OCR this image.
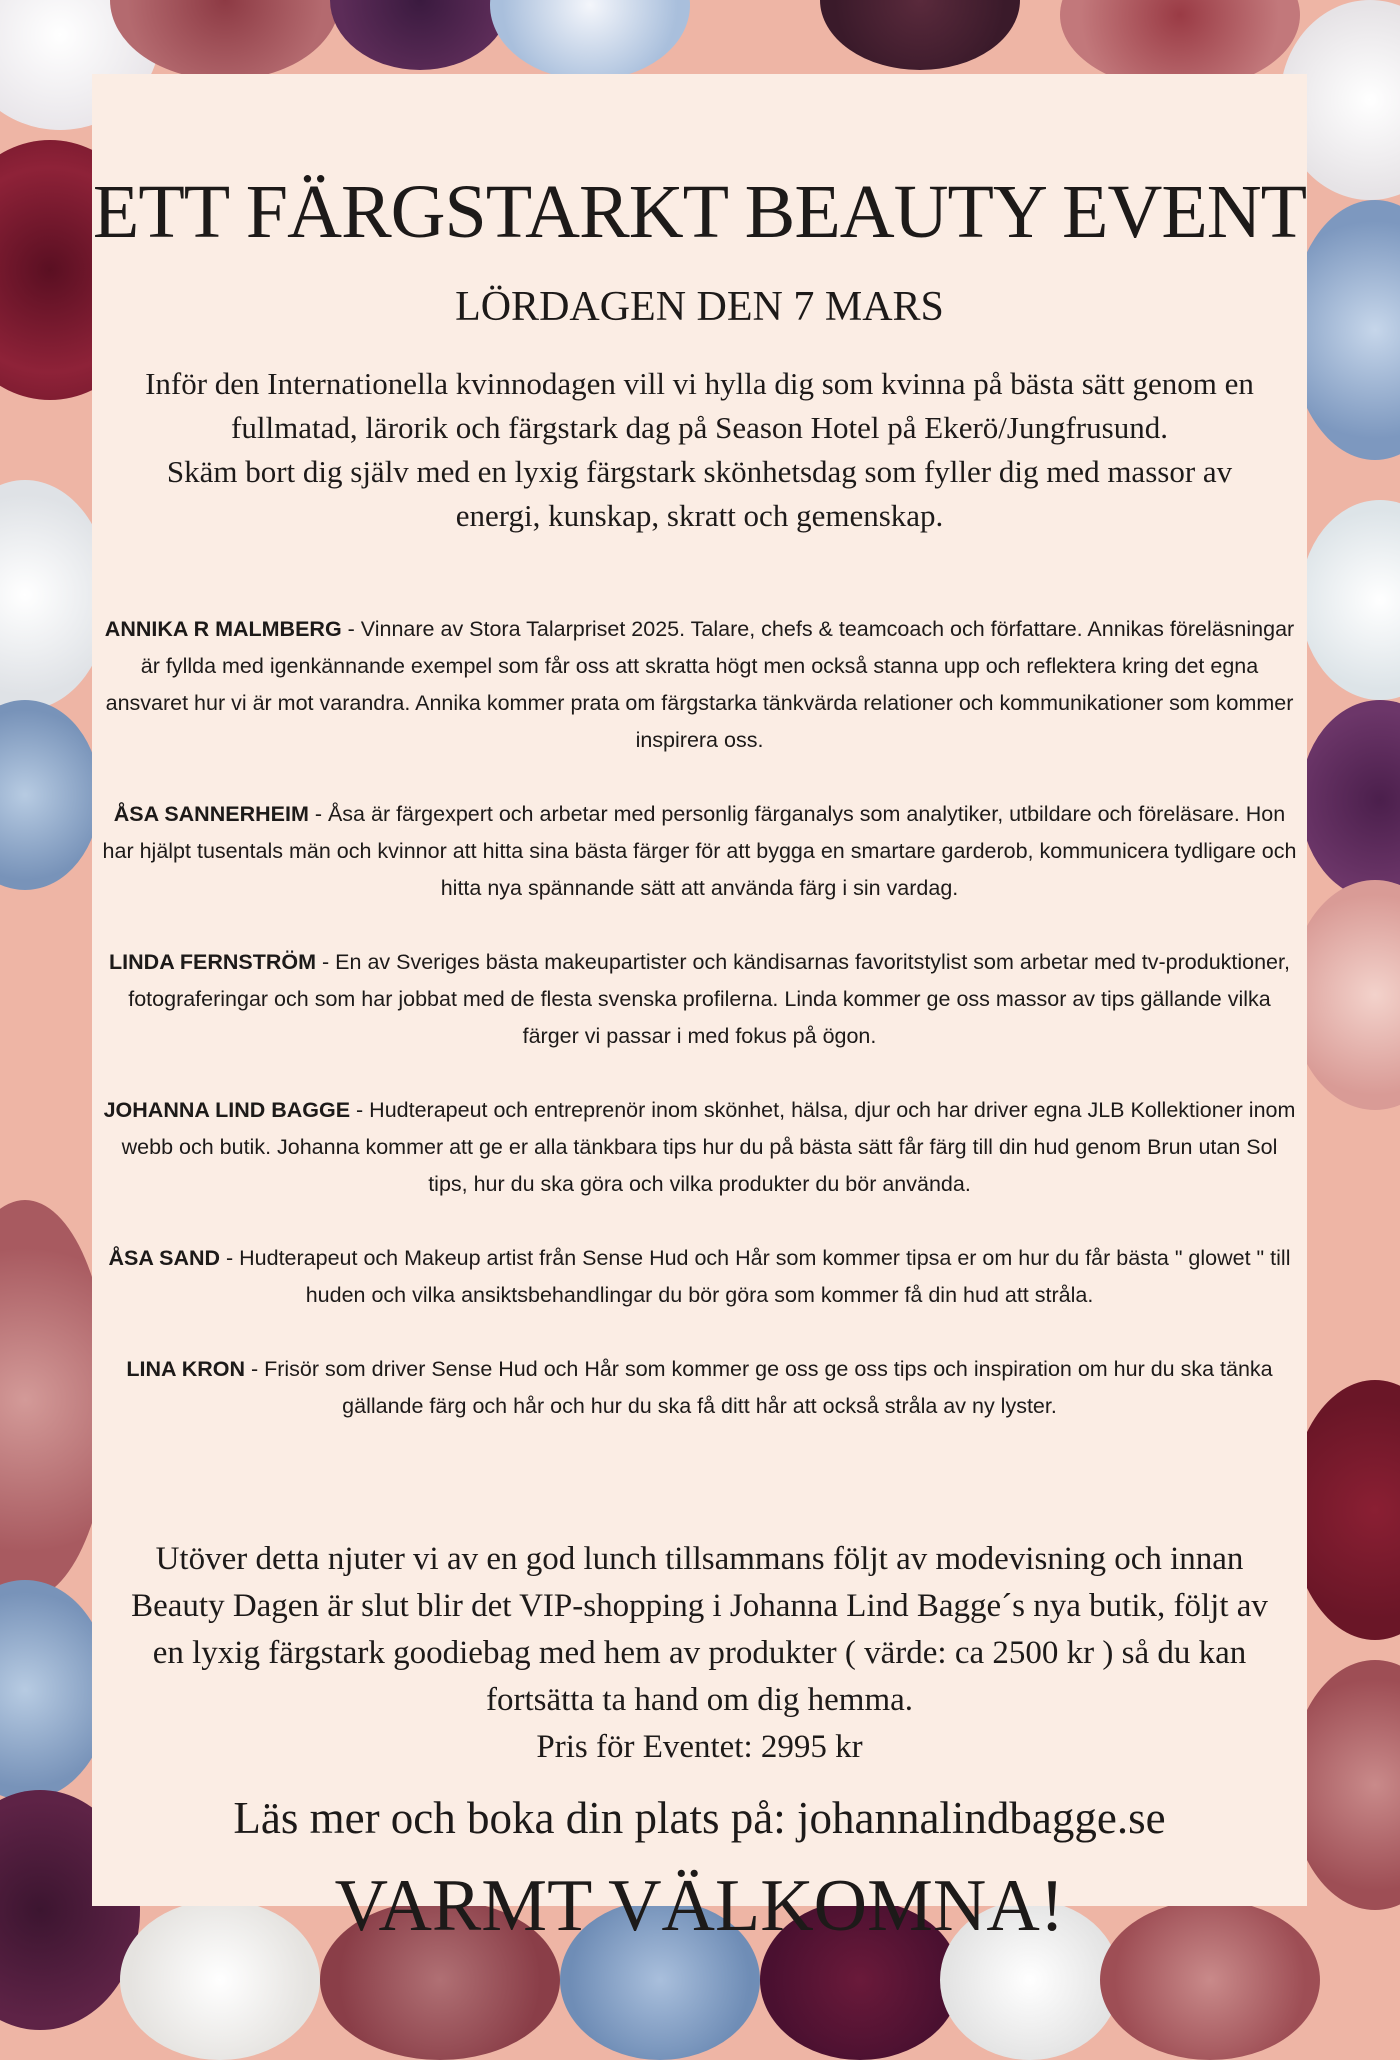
ETT FÄRGSTARKT BEAUTY EVENT
LÖRDAGEN DEN 7 MARS
Inför den Internationella kvinnodagen vill vi hylla dig som kvinna på bästa sätt genom en fullmatad, lärorik och färgstark dag på Season Hotel på Ekerö/Jungfrusund.
Skäm bort dig själv med en lyxig färgstark skönhetsdag som fyller dig med massor av energi, kunskap, skratt och gemenskap.

ANNIKA R MALMBERG - Vinnare av Stora Talarpriset 2025. Talare, chefs & teamcoach och författare. Annikas föreläsningar är fyllda med igenkännande exempel som får oss att skratta högt men också stanna upp och reflektera kring det egna ansvaret hur vi är mot varandra. Annika kommer prata om färgstarka tänkvärda relationer och kommunikationer som kommer inspirera oss.

ÅSA SANNERHEIM - Åsa är färgexpert och arbetar med personlig färganalys som analytiker, utbildare och föreläsare. Hon har hjälpt tusentals män och kvinnor att hitta sina bästa färger för att bygga en smartare garderob, kommunicera tydligare och hitta nya spännande sätt att använda färg i sin vardag.

LINDA FERNSTRÖM - En av Sveriges bästa makeupartister och kändisarnas favoritstylist som arbetar med tv-produktioner, fotograferingar och som har jobbat med de flesta svenska profilerna. Linda kommer ge oss massor av tips gällande vilka färger vi passar i med fokus på ögon.

JOHANNA LIND BAGGE - Hudterapeut och entreprenör inom skönhet, hälsa, djur och har driver egna JLB Kollektioner inom webb och butik. Johanna kommer att ge er alla tänkbara tips hur du på bästa sätt får färg till din hud genom Brun utan Sol tips, hur du ska göra och vilka produkter du bör använda.

ÅSA SAND - Hudterapeut och Makeup artist från Sense Hud och Hår som kommer tipsa er om hur du får bästa " glowet " till huden och vilka ansiktsbehandlingar du bör göra som kommer få din hud att stråla.

LINA KRON - Frisör som driver Sense Hud och Hår som kommer ge oss ge oss tips och inspiration om hur du ska tänka gällande färg och hår och hur du ska få ditt hår att också stråla av ny lyster.

Utöver detta njuter vi av en god lunch tillsammans följt av modevisning och innan Beauty Dagen är slut blir det VIP-shopping i Johanna Lind Bagge´s nya butik, följt av en lyxig färgstark goodiebag med hem av produkter ( värde: ca 2500 kr ) så du kan fortsätta ta hand om dig hemma.
Pris för Eventet: 2995 kr
Läs mer och boka din plats på: johannalindbagge.se
VARMT VÄLKOMNA!
